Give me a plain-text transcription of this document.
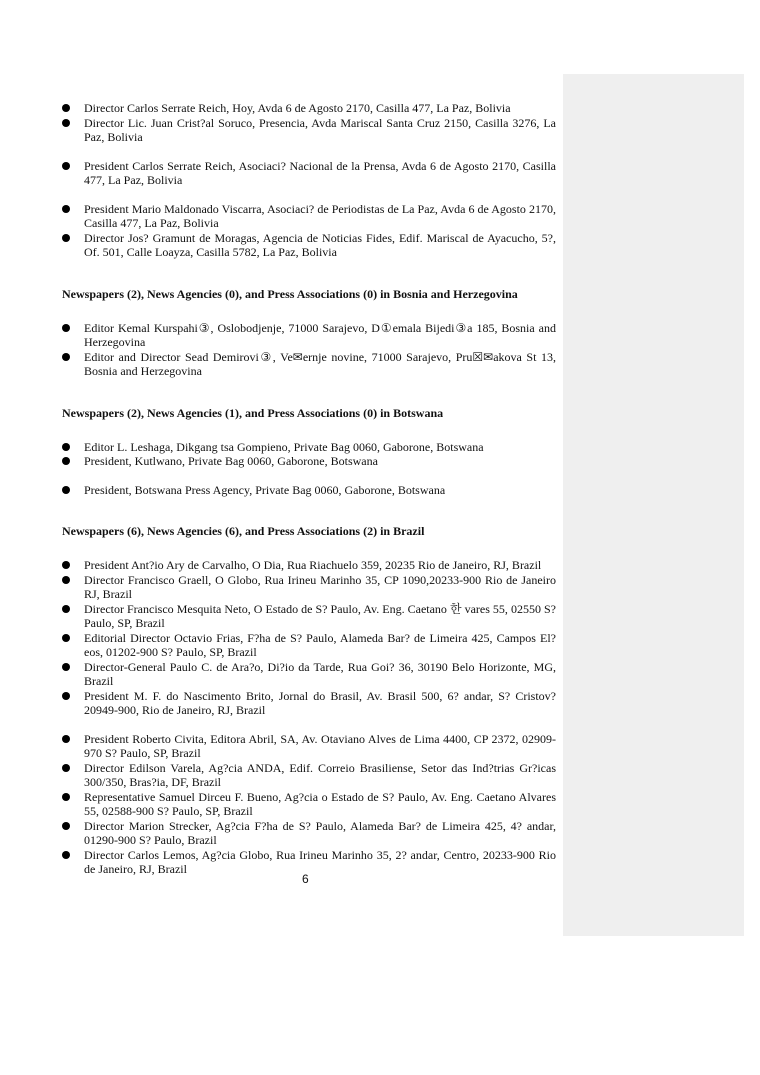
Director Carlos Serrate Reich, Hoy, Avda 6 de Agosto 2170, Casilla 477, La Paz, Bolivia
Director Lic. Juan Crist?al Soruco, Presencia, Avda Mariscal Santa Cruz 2150, Casilla 3276, La Paz, Bolivia
President Carlos Serrate Reich, Asociaci? Nacional de la Prensa, Avda 6 de Agosto 2170, Casilla 477, La Paz, Bolivia
President Mario Maldonado Viscarra, Asociaci? de Periodistas de La Paz, Avda 6 de Agosto 2170, Casilla 477, La Paz, Bolivia
Director Jos? Gramunt de Moragas, Agencia de Noticias Fides, Edif. Mariscal de Ayacucho, 5?, Of. 501, Calle Loayza, Casilla 5782, La Paz, Bolivia
Newspapers (2), News Agencies (0), and Press Associations (0) in Bosnia and Herzegovina
Editor Kemal Kurspahi③, Oslobodjenje, 71000 Sarajevo, D①emala Bijedi③a 185, Bosnia and Herzegovina
Editor and Director Sead Demirovi③, Ve✉ernje novine, 71000 Sarajevo, Pru☒✉akova St 13, Bosnia and Herzegovina
Newspapers (2), News Agencies (1), and Press Associations (0) in Botswana
Editor L. Leshaga, Dikgang tsa Gompieno, Private Bag 0060, Gaborone, Botswana
President, Kutlwano, Private Bag 0060, Gaborone, Botswana
President, Botswana Press Agency, Private Bag 0060, Gaborone, Botswana
Newspapers (6), News Agencies (6), and Press Associations (2) in Brazil
President Ant?io Ary de Carvalho, O Dia, Rua Riachuelo 359, 20235 Rio de Janeiro, RJ, Brazil
Director Francisco Graell, O Globo, Rua Irineu Marinho 35, CP 1090,20233-900 Rio de Janeiro RJ, Brazil
Director Francisco Mesquita Neto, O Estado de S? Paulo, Av. Eng. Caetano 한 vares 55, 02550 S? Paulo, SP, Brazil
Editorial Director Octavio Frias, F?ha de S? Paulo, Alameda Bar? de Limeira 425, Campos El?eos, 01202-900 S? Paulo, SP, Brazil
Director-General Paulo C. de Ara?o, Di?io da Tarde, Rua Goi? 36, 30190 Belo Horizonte, MG, Brazil
President M. F. do Nascimento Brito, Jornal do Brasil, Av. Brasil 500, 6? andar, S? Cristov? 20949-900, Rio de Janeiro, RJ, Brazil
President Roberto Civita, Editora Abril, SA, Av. Otaviano Alves de Lima 4400, CP 2372, 02909-970 S? Paulo, SP, Brazil
Director Edilson Varela, Ag?cia ANDA, Edif. Correio Brasiliense, Setor das Ind?trias Gr?icas 300/350, Bras?ia, DF, Brazil
Representative Samuel Dirceu F. Bueno, Ag?cia o Estado de S? Paulo, Av. Eng. Caetano Alvares 55, 02588-900 S? Paulo, SP, Brazil
Director Marion Strecker, Ag?cia F?ha de S? Paulo, Alameda Bar? de Limeira 425, 4? andar, 01290-900 S? Paulo, Brazil
Director Carlos Lemos, Ag?cia Globo, Rua Irineu Marinho 35, 2? andar, Centro, 20233-900 Rio de Janeiro, RJ, Brazil
6
